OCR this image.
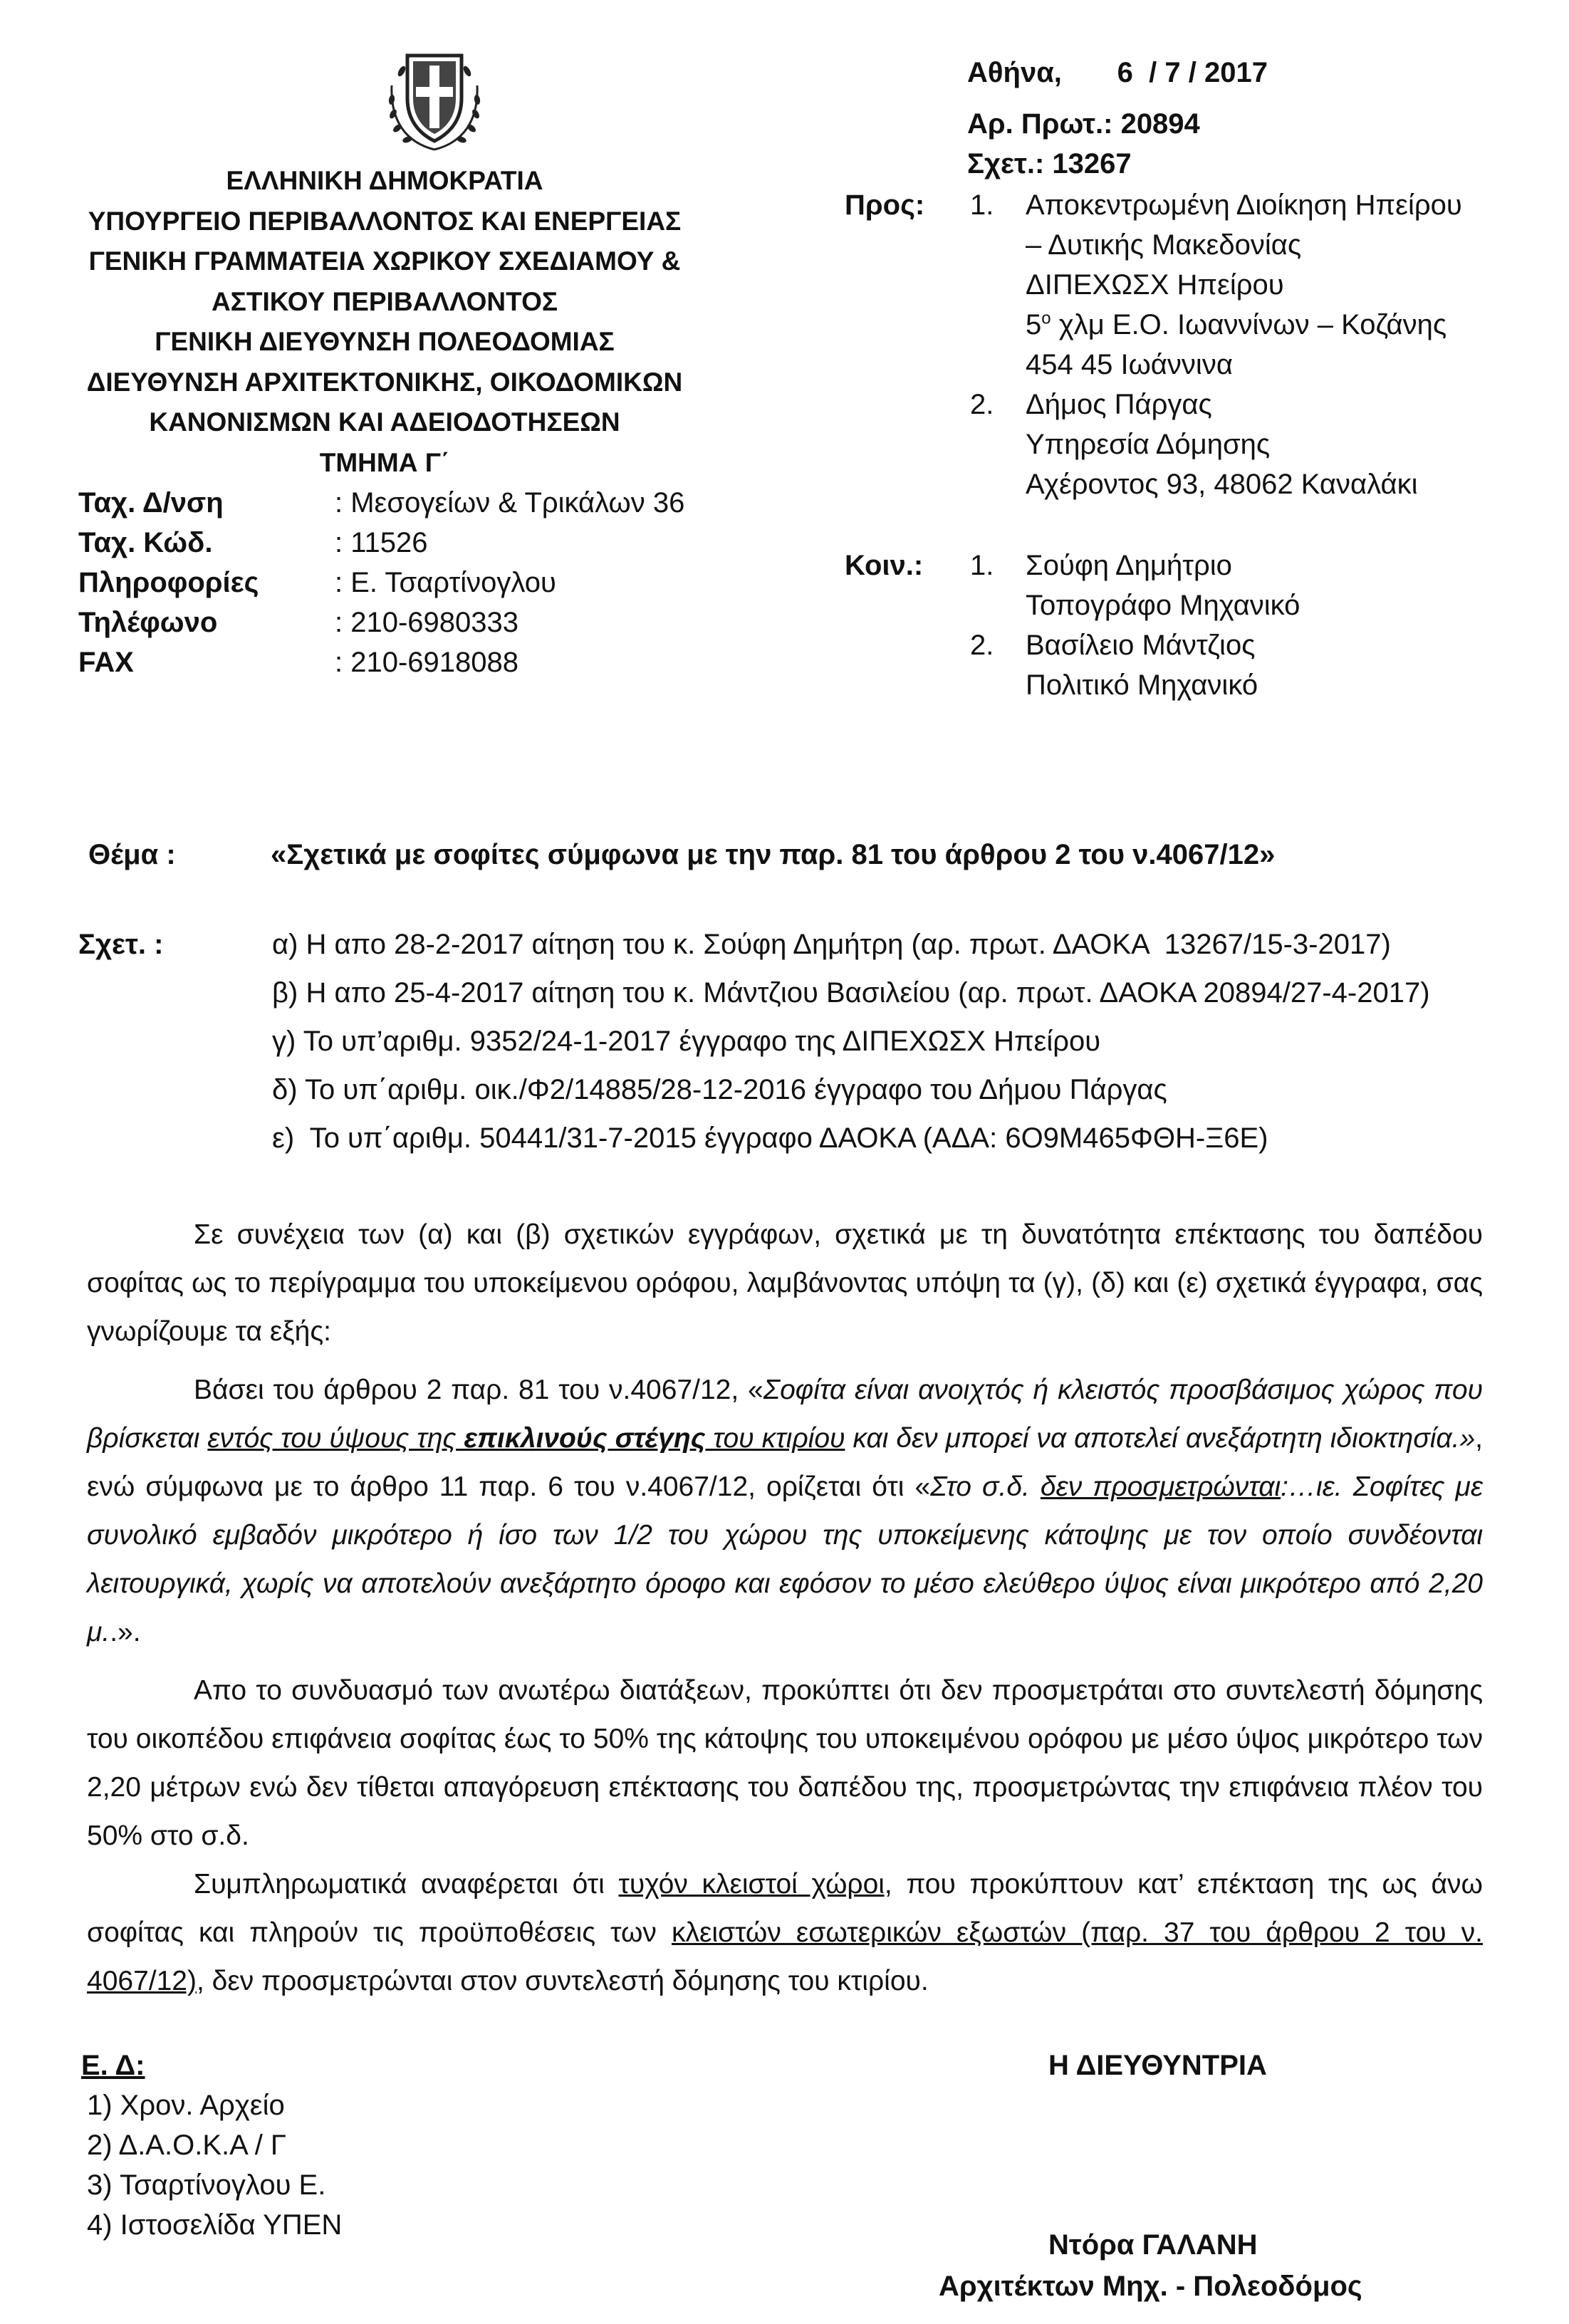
ΕΛΛΗΝΙΚΗ ΔΗΜΟΚΡΑΤΙΑ
ΥΠΟΥΡΓΕΙΟ ΠΕΡΙΒΑΛΛΟΝΤΟΣ ΚΑΙ ΕΝΕΡΓΕΙΑΣ
ΓΕΝΙΚΗ ΓΡΑΜΜΑΤΕΙΑ ΧΩΡΙΚΟΥ ΣΧΕΔΙΑΜΟΥ &
ΑΣΤΙΚΟΥ ΠΕΡΙΒΑΛΛΟΝΤΟΣ
ΓΕΝΙΚΗ ΔΙΕΥΘΥΝΣΗ ΠΟΛΕΟΔΟΜΙΑΣ
ΔΙΕΥΘΥΝΣΗ ΑΡΧΙΤΕΚΤΟΝΙΚΗΣ, ΟΙΚΟΔΟΜΙΚΩΝ
ΚΑΝΟΝΙΣΜΩΝ ΚΑΙ ΑΔΕΙΟΔΟΤΗΣΕΩΝ
ΤΜΗΜΑ Γ΄
Ταχ. Δ/νση	: Μεσογείων & Τρικάλων 36
Ταχ. Κώδ.	: 11526
Πληροφορίες	: Ε. Τσαρτίνογλου
Τηλέφωνο	: 210-6980333
FAX	: 210-6918088
Αθήνα,       6  / 7 / 2017
Αρ. Πρωτ.: 20894
Σχετ.: 13267
Προς: 1. Αποκεντρωμένη Διοίκηση Ηπείρου
– Δυτικής Μακεδονίας
ΔΙΠΕΧΩΣΧ Ηπείρου
$5^o$ χλμ Ε.Ο. Ιωαννίνων – Κοζάνης
454 45 Ιωάννινα
2. Δήμος Πάργας
Υπηρεσία Δόμησης
Αχέροντος 93, 48062 Καναλάκι
Κοιν.: 1. Σούφη Δημήτριο
Τοπογράφο Μηχανικό
2. Βασίλειο Μάντζιος
Πολιτικό Μηχανικό
Θέμα :	«Σχετικά με σοφίτες σύμφωνα με την παρ. 81 του άρθρου 2 του ν.4067/12»
Σχετ. :	α) Η απο 28-2-2017 αίτηση του κ. Σούφη Δημήτρη (αρ. πρωτ. ΔΑΟΚΑ  13267/15-3-2017)
β) Η απο 25-4-2017 αίτηση του κ. Μάντζιου Βασιλείου (αρ. πρωτ. ΔΑΟΚΑ 20894/27-4-2017)
γ) Το υπ’αριθμ. 9352/24-1-2017 έγγραφο της ΔΙΠΕΧΩΣΧ Ηπείρου
δ) Το υπ΄αριθμ. οικ./Φ2/14885/28-12-2016 έγγραφο του Δήμου Πάργας
ε)  Το υπ΄αριθμ. 50441/31-7-2015 έγγραφο ΔΑΟΚΑ (ΑΔΑ: 6Ο9Μ465ΦΘΗ-Ξ6Ε)

Σε συνέχεια των (α) και (β) σχετικών εγγράφων, σχετικά με τη δυνατότητα επέκτασης του δαπέδου σοφίτας ως το περίγραμμα του υποκείμενου ορόφου, λαμβάνοντας υπόψη τα (γ), (δ) και (ε) σχετικά έγγραφα, σας γνωρίζουμε τα εξής:

Βάσει του άρθρου 2 παρ. 81 του ν.4067/12, «Σοφίτα είναι ανοιχτός ή κλειστός προσβάσιμος χώρος που βρίσκεται εντός του ύψους της επικλινούς στέγης του κτιρίου και δεν μπορεί να αποτελεί ανεξάρτητη ιδιοκτησία.», ενώ σύμφωνα με το άρθρο 11 παρ. 6 του ν.4067/12, ορίζεται ότι «Στο σ.δ. δεν προσμετρώνται:…ιε. Σοφίτες με συνολικό εμβαδόν μικρότερο ή ίσο των 1/2 του χώρου της υποκείμενης κάτοψης με τον οποίο συνδέονται λειτουργικά, χωρίς να αποτελούν ανεξάρτητο όροφο και εφόσον το μέσο ελεύθερο ύψος είναι μικρότερο από 2,20 μ..».

Απο το συνδυασμό των ανωτέρω διατάξεων, προκύπτει ότι δεν προσμετράται στο συντελεστή δόμησης του οικοπέδου επιφάνεια σοφίτας έως το 50% της κάτοψης του υποκειμένου ορόφου με μέσο ύψος μικρότερο των 2,20 μέτρων ενώ δεν τίθεται απαγόρευση επέκτασης του δαπέδου της, προσμετρώντας την επιφάνεια πλέον του 50% στο σ.δ.

Συμπληρωματικά αναφέρεται ότι τυχόν κλειστοί χώροι, που προκύπτουν κατ’ επέκταση της ως άνω σοφίτας και πληρούν τις προϋποθέσεις των κλειστών εσωτερικών εξωστών (παρ. 37 του άρθρου 2 του ν. 4067/12), δεν προσμετρώνται στον συντελεστή δόμησης του κτιρίου.

Ε. Δ:
1) Χρον. Αρχείο
2) Δ.Α.Ο.Κ.Α / Γ
3) Τσαρτίνογλου Ε.
4) Ιστοσελίδα ΥΠΕΝ
Η ΔΙΕΥΘΥΝΤΡΙΑ
Ντόρα ΓΑΛΑΝΗ
Αρχιτέκτων Μηχ. - Πολεοδόμος
